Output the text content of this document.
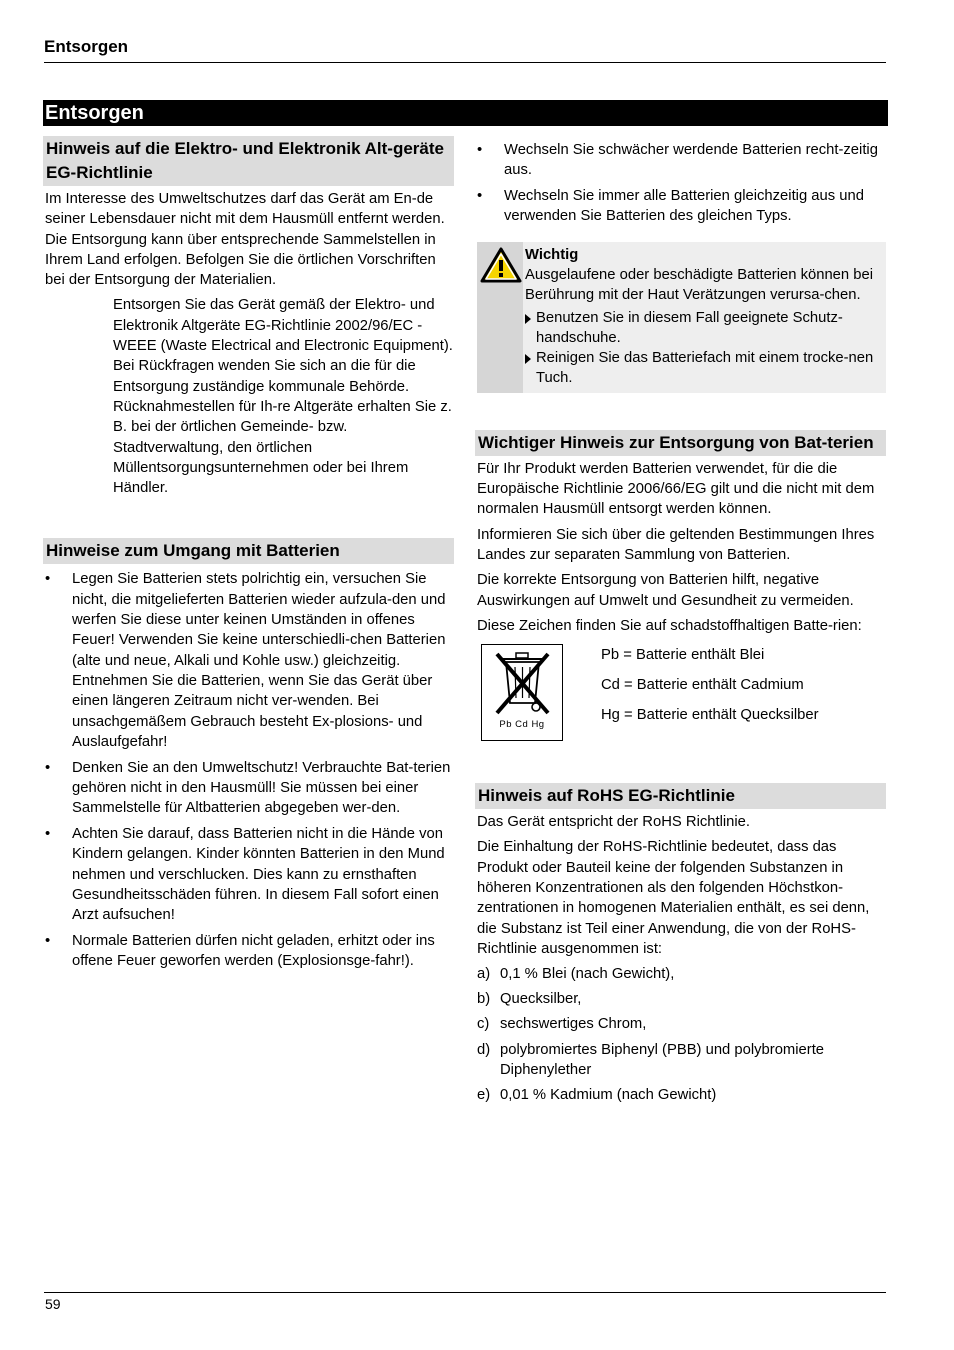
Entsorgen
Entsorgen
Hinweis auf die Elektro- und Elektronik Alt-geräte EG-Richtlinie

Im Interesse des Umweltschutzes darf das Gerät am En-de seiner Lebensdauer nicht mit dem Hausmüll entfernt werden. Die Entsorgung kann über entsprechende Sammelstellen in Ihrem Land erfolgen. Befolgen Sie die örtlichen Vorschriften bei der Entsorgung der Materialien.

Entsorgen Sie das Gerät gemäß der Elektro- und Elektronik Altgeräte EG-Richtlinie 2002/96/EC - WEEE (Waste Electrical and Electronic Equipment). Bei Rückfragen wenden Sie sich an die für die Entsorgung zuständige kommunale Behörde. Rücknahmestellen für Ih-re Altgeräte erhalten Sie z. B. bei der örtlichen Gemeinde- bzw. Stadtverwaltung, den örtlichen Müllentsorgungsunternehmen oder bei Ihrem Händler.

Hinweise zum Umgang mit Batterien
• Legen Sie Batterien stets polrichtig ein, versuchen Sie nicht, die mitgelieferten Batterien wieder aufzula-den und werfen Sie diese unter keinen Umständen in offenes Feuer! Verwenden Sie keine unterschiedli-chen Batterien (alte und neue, Alkali und Kohle usw.) gleichzeitig. Entnehmen Sie die Batterien, wenn Sie das Gerät über einen längeren Zeitraum nicht ver-wenden. Bei unsachgemäßem Gebrauch besteht Ex-plosions- und Auslaufgefahr!
• Denken Sie an den Umweltschutz! Verbrauchte Bat-terien gehören nicht in den Hausmüll! Sie müssen bei einer Sammelstelle für Altbatterien abgegeben wer-den.
• Achten Sie darauf, dass Batterien nicht in die Hände von Kindern gelangen. Kinder könnten Batterien in den Mund nehmen und verschlucken. Dies kann zu ernsthaften Gesundheitsschäden führen. In diesem Fall sofort einen Arzt aufsuchen!
• Normale Batterien dürfen nicht geladen, erhitzt oder ins offene Feuer geworfen werden (Explosionsge-fahr!).
• Wechseln Sie schwächer werdende Batterien recht-zeitig aus.
• Wechseln Sie immer alle Batterien gleichzeitig aus und verwenden Sie Batterien des gleichen Typs.
Wichtig

Ausgelaufene oder beschädigte Batterien können bei Berührung mit der Haut Verätzungen verursa-chen.

Benutzen Sie in diesem Fall geeignete Schutz-handschuhe.
Reinigen Sie das Batteriefach mit einem trocke-nen Tuch.
Wichtiger Hinweis zur Entsorgung von Bat-terien

Für Ihr Produkt werden Batterien verwendet, für die die Europäische Richtlinie 2006/66/EG gilt und die nicht mit dem normalen Hausmüll entsorgt werden können.

Informieren Sie sich über die geltenden Bestimmungen Ihres Landes zur separaten Sammlung von Batterien.

Die korrekte Entsorgung von Batterien hilft, negative Auswirkungen auf Umwelt und Gesundheit zu vermeiden.

Diese Zeichen finden Sie auf schadstoffhaltigen Batte-rien:

Pb Cd Hg

Pb = Batterie enthält Blei

Cd = Batterie enthält Cadmium

Hg = Batterie enthält Quecksilber

Hinweis auf RoHS EG-Richtlinie

Das Gerät entspricht der RoHS Richtlinie.

Die Einhaltung der RoHS-Richtlinie bedeutet, dass das Produkt oder Bauteil keine der folgenden Substanzen in höheren Konzentrationen als den folgenden Höchstkon-zentrationen in homogenen Materialien enthält, es sei denn, die Substanz ist Teil einer Anwendung, die von der RoHS-Richtlinie ausgenommen ist:

a) 0,1 % Blei (nach Gewicht),
b) Quecksilber,
c) sechswertiges Chrom,
d) polybromiertes Biphenyl (PBB) und polybromierte Diphenylether
e) 0,01 % Kadmium (nach Gewicht)
59
